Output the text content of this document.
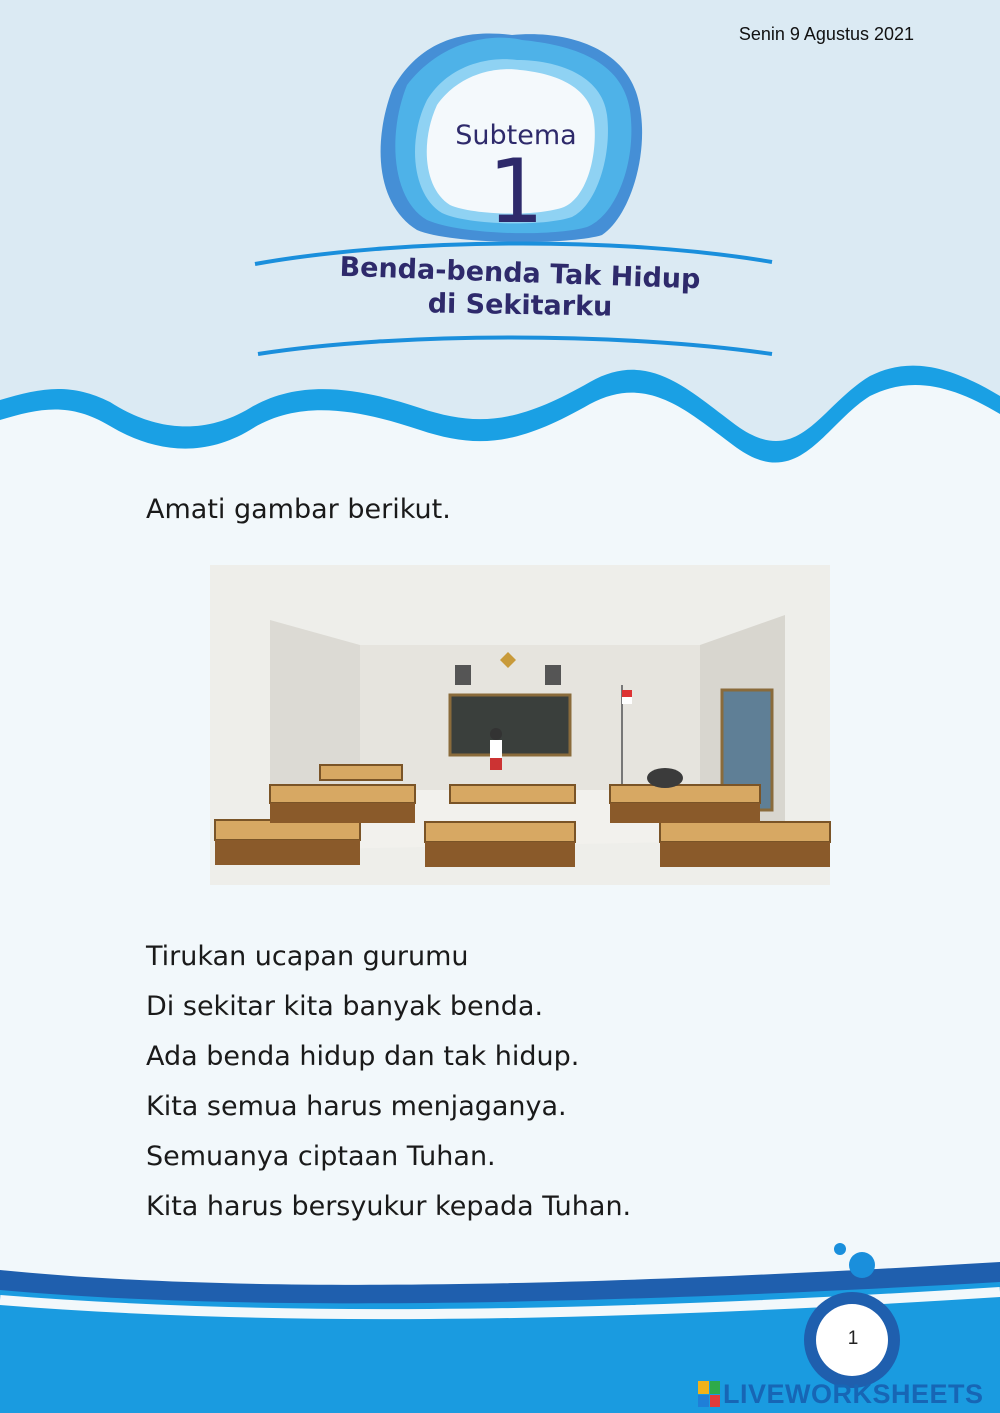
Senin 9 Agustus 2021
Subtema
1
Benda-benda Tak Hidup
di Sekitarku
Amati gambar berikut.
Tirukan ucapan gurumu
Di sekitar kita banyak benda.
Ada benda hidup dan tak hidup.
Kita semua harus menjaganya.
Semuanya ciptaan Tuhan.
Kita harus bersyukur kepada Tuhan.
1
LIVEWORKSHEETS
